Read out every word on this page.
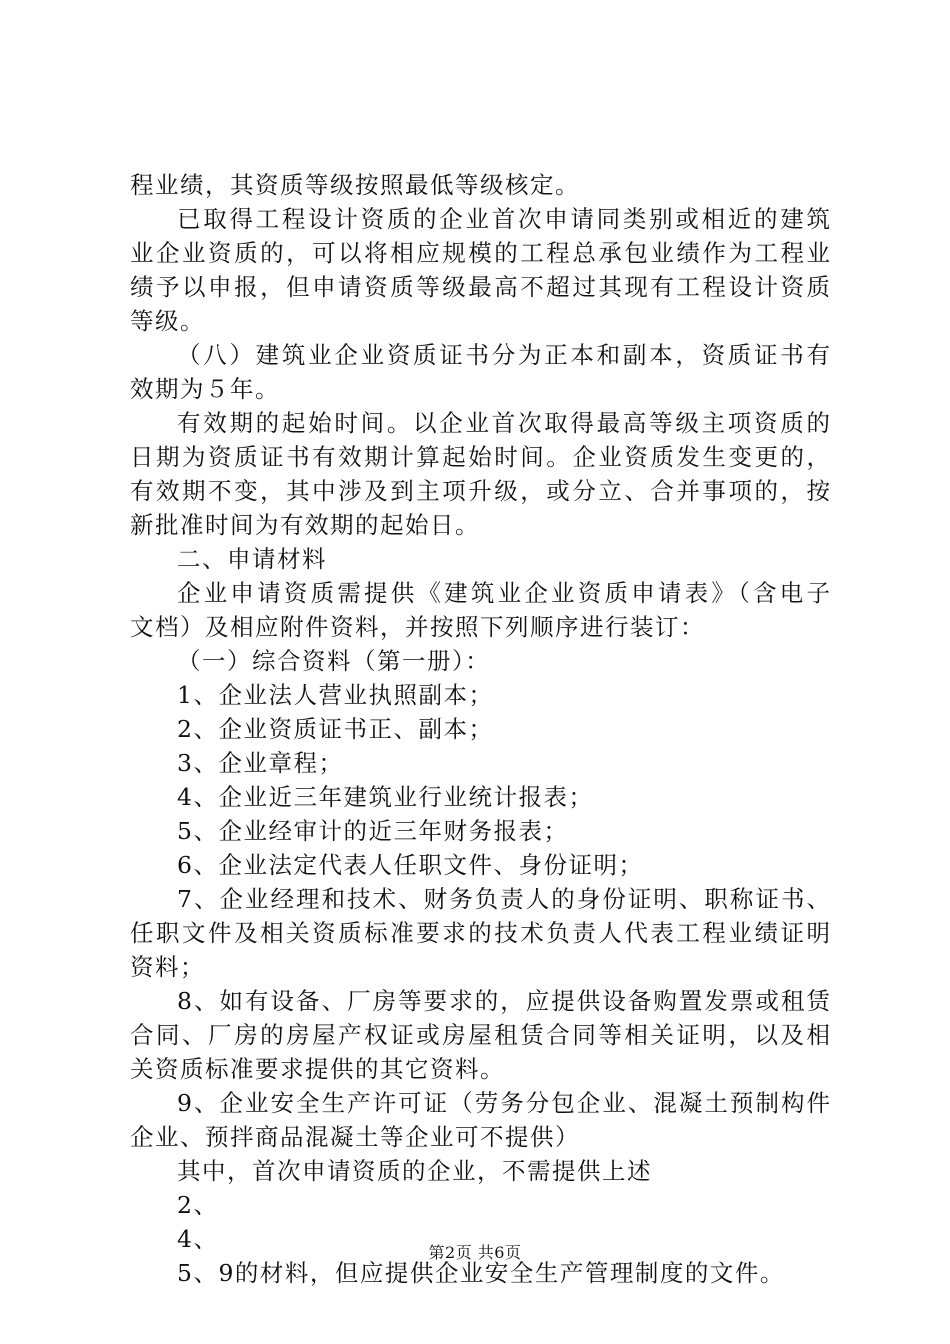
程业绩，其资质等级按照最低等级核定。
已取得工程设计资质的企业首次申请同类别或相近的建筑
业企业资质的，可以将相应规模的工程总承包业绩作为工程业
绩予以申报，但申请资质等级最高不超过其现有工程设计资质
等级。
（八）建筑业企业资质证书分为正本和副本，资质证书有
效期为５年。
有效期的起始时间。以企业首次取得最高等级主项资质的
日期为资质证书有效期计算起始时间。企业资质发生变更的，
有效期不变，其中涉及到主项升级，或分立、合并事项的，按
新批准时间为有效期的起始日。
二、申请材料
企业申请资质需提供《建筑业企业资质申请表》（含电子
文档）及相应附件资料，并按照下列顺序进行装订：
（一）综合资料（第一册）：
1、企业法人营业执照副本；
2、企业资质证书正、副本；
3、企业章程；
4、企业近三年建筑业行业统计报表；
5、企业经审计的近三年财务报表；
6、企业法定代表人任职文件、身份证明；
7、企业经理和技术、财务负责人的身份证明、职称证书、
任职文件及相关资质标准要求的技术负责人代表工程业绩证明
资料；
8、如有设备、厂房等要求的，应提供设备购置发票或租赁
合同、厂房的房屋产权证或房屋租赁合同等相关证明，以及相
关资质标准要求提供的其它资料。
9、企业安全生产许可证（劳务分包企业、混凝土预制构件
企业、预拌商品混凝土等企业可不提供）
其中，首次申请资质的企业，不需提供上述
2、
4、
5、9的材料，但应提供企业安全生产管理制度的文件。
第2页 共6页
